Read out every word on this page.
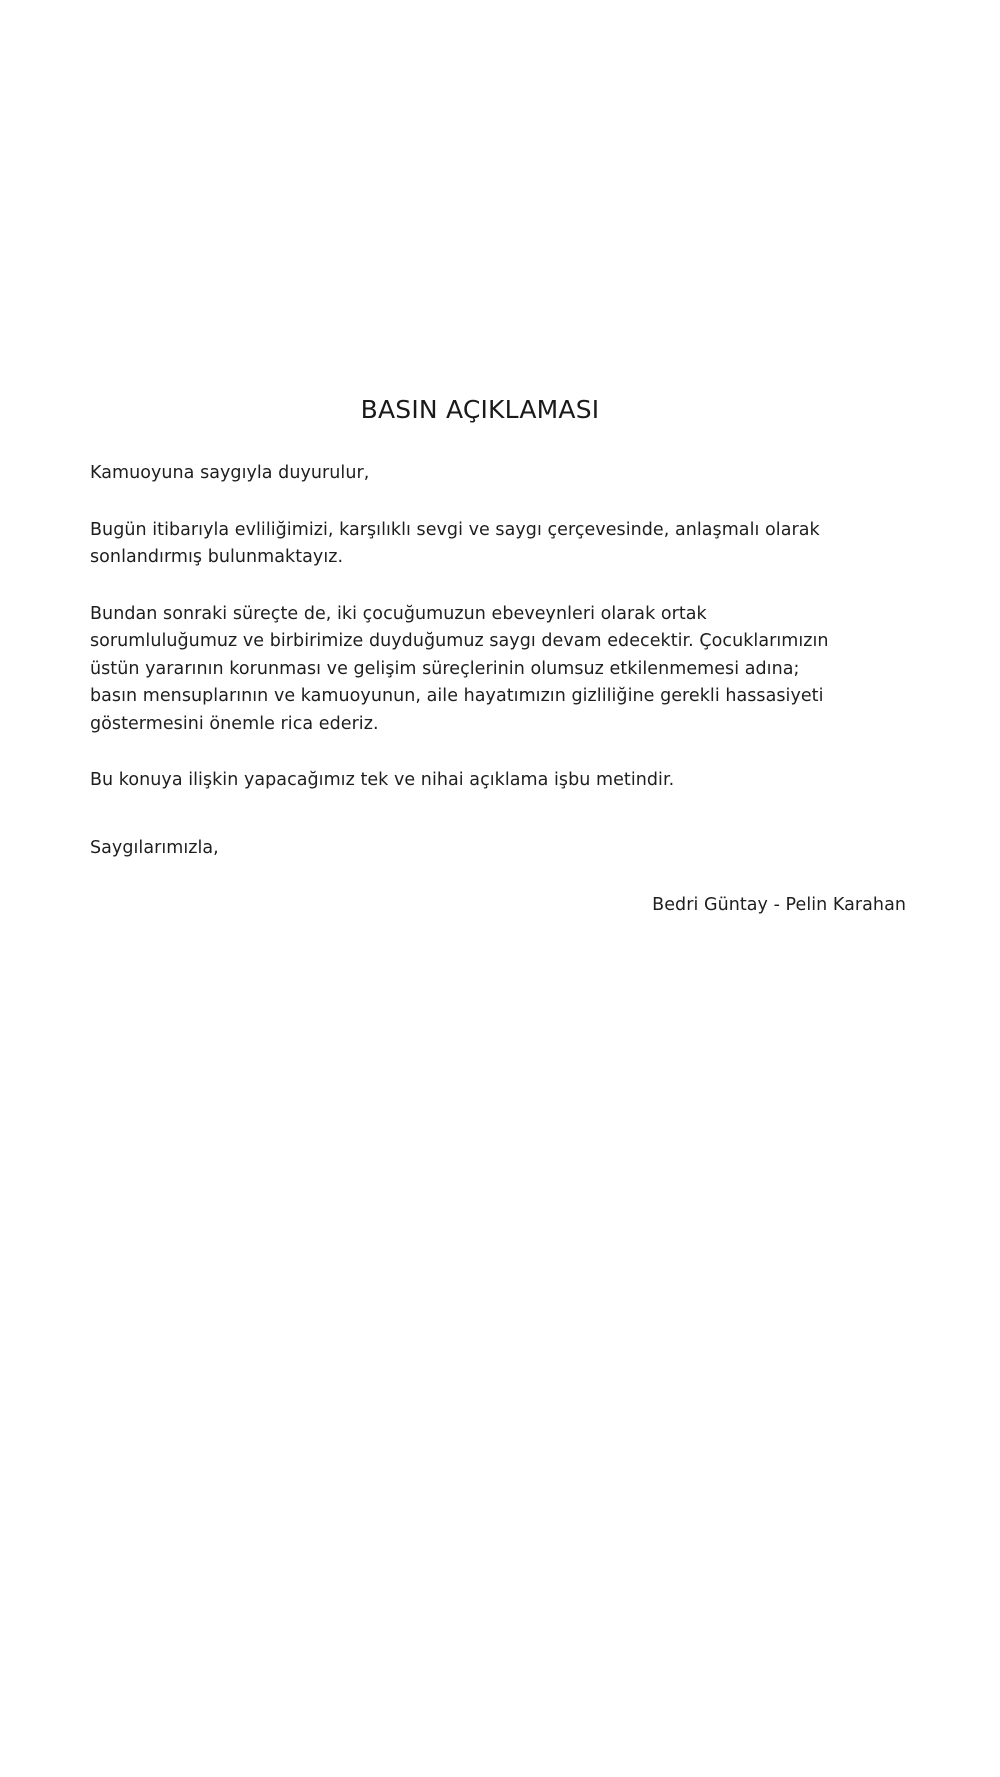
BASIN AÇIKLAMASI

Kamuoyuna saygıyla duyurulur,

Bugün itibarıyla evliliğimizi, karşılıklı sevgi ve saygı çerçevesinde, anlaşmalı olarak sonlandırmış bulunmaktayız.

Bundan sonraki süreçte de, iki çocuğumuzun ebeveynleri olarak ortak sorumluluğumuz ve birbirimize duyduğumuz saygı devam edecektir. Çocuklarımızın üstün yararının korunması ve gelişim süreçlerinin olumsuz etkilenmemesi adına; basın mensuplarının ve kamuoyunun, aile hayatımızın gizliliğine gerekli hassasiyeti göstermesini önemle rica ederiz.

Bu konuya ilişkin yapacağımız tek ve nihai açıklama işbu metindir.

Saygılarımızla,

Bedri Güntay - Pelin Karahan
